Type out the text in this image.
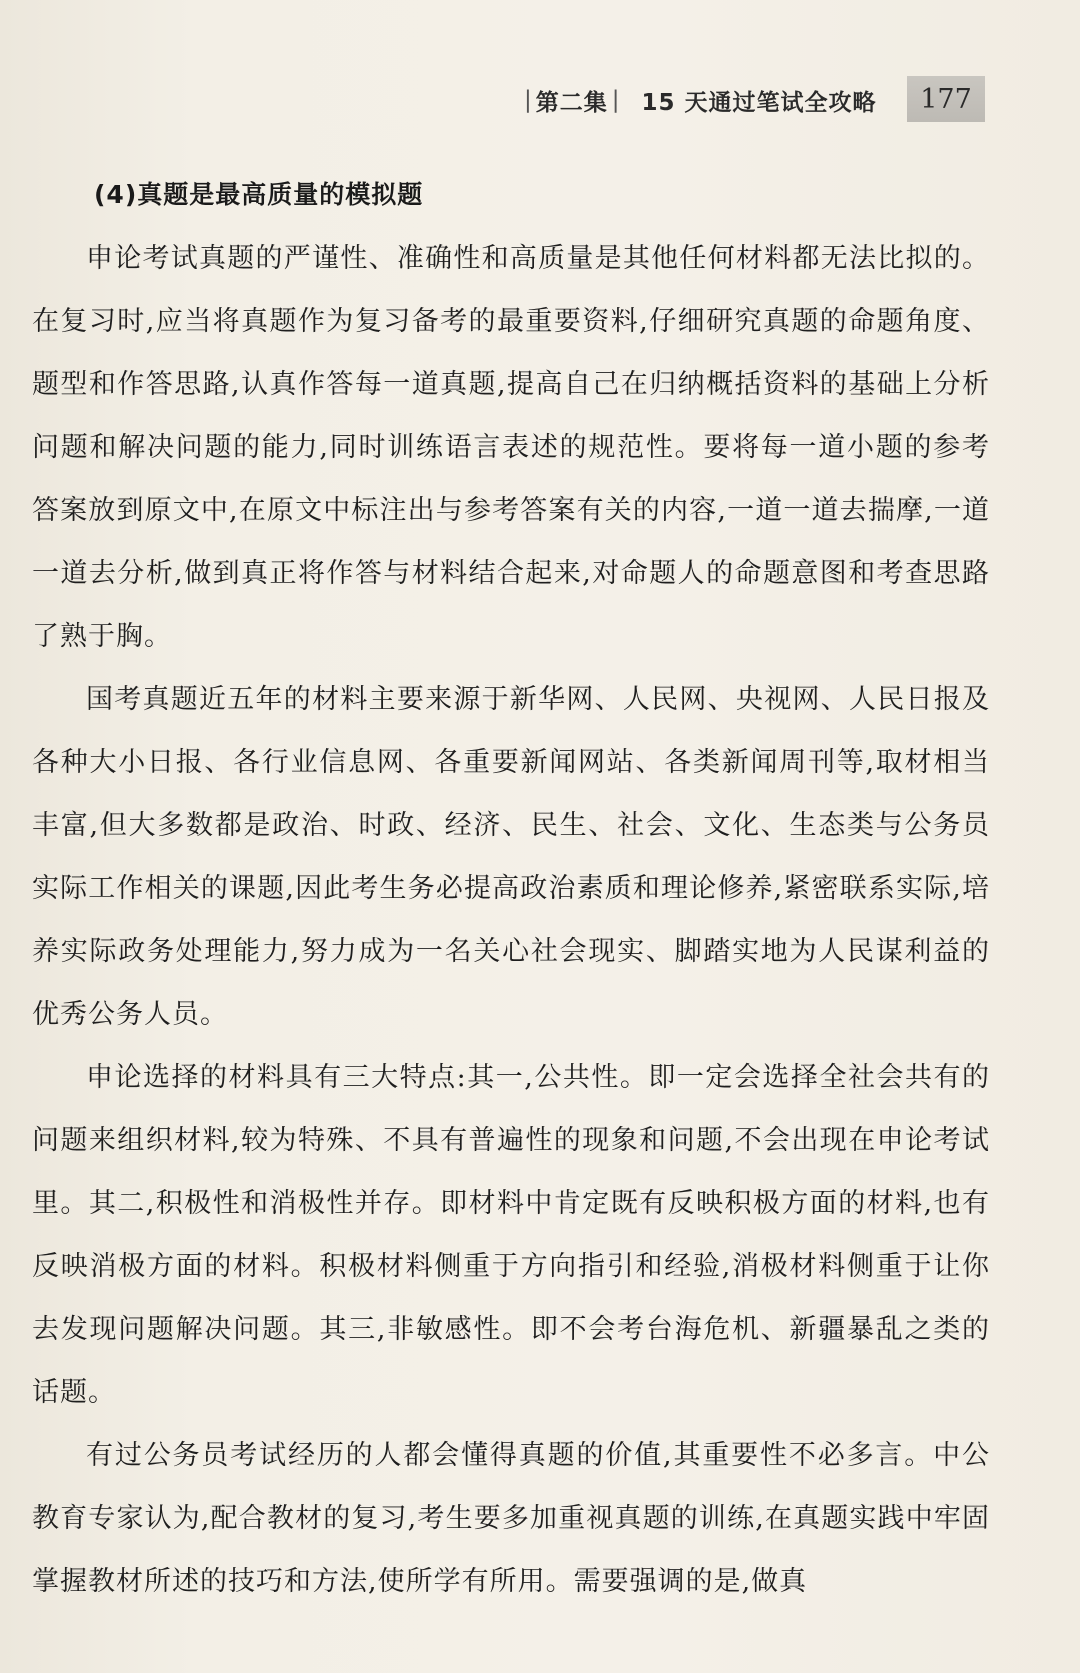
| 第二集 | 15 天通过笔试全攻略	177
(4)真题是最高质量的模拟题

申论考试真题的严谨性、准确性和高质量是其他任何材料都无法比拟的。在复习时,应当将真题作为复习备考的最重要资料,仔细研究真题的命题角度、题型和作答思路,认真作答每一道真题,提高自己在归纳概括资料的基础上分析问题和解决问题的能力,同时训练语言表述的规范性。要将每一道小题的参考答案放到原文中,在原文中标注出与参考答案有关的内容,一道一道去揣摩,一道一道去分析,做到真正将作答与材料结合起来,对命题人的命题意图和考查思路了熟于胸。

国考真题近五年的材料主要来源于新华网、人民网、央视网、人民日报及各种大小日报、各行业信息网、各重要新闻网站、各类新闻周刊等,取材相当丰富,但大多数都是政治、时政、经济、民生、社会、文化、生态类与公务员实际工作相关的课题,因此考生务必提高政治素质和理论修养,紧密联系实际,培养实际政务处理能力,努力成为一名关心社会现实、脚踏实地为人民谋利益的优秀公务人员。

申论选择的材料具有三大特点:其一,公共性。即一定会选择全社会共有的问题来组织材料,较为特殊、不具有普遍性的现象和问题,不会出现在申论考试里。其二,积极性和消极性并存。即材料中肯定既有反映积极方面的材料,也有反映消极方面的材料。积极材料侧重于方向指引和经验,消极材料侧重于让你去发现问题解决问题。其三,非敏感性。即不会考台海危机、新疆暴乱之类的话题。

有过公务员考试经历的人都会懂得真题的价值,其重要性不必多言。中公教育专家认为,配合教材的复习,考生要多加重视真题的训练,在真题实践中牢固掌握教材所述的技巧和方法,使所学有所用。需要强调的是,做真
